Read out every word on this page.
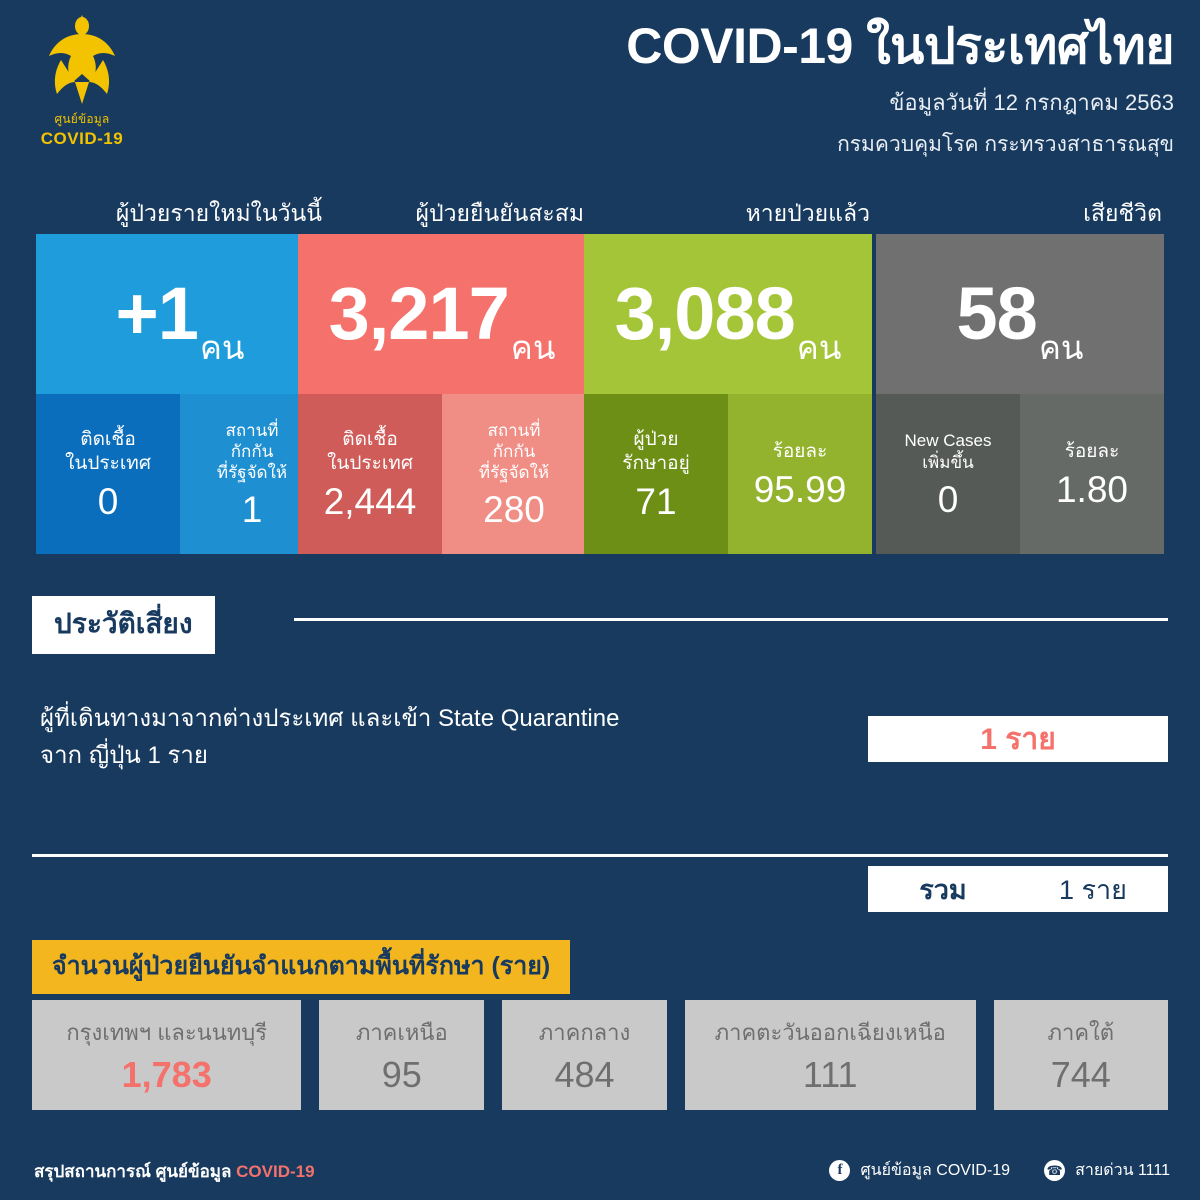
ศูนย์ข้อมูล
COVID-19
COVID-19 ในประเทศไทย
ข้อมูลวันที่ 12 กรกฎาคม 2563
กรมควบคุมโรค กระทรวงสาธารณสุข
ผู้ป่วยรายใหม่ในวันนี้
+1 คน
ติดเชื้อ
ในประเทศ
0
สถานที่
กักกัน
ที่รัฐจัดให้
1
ผู้ป่วยยืนยันสะสม
3,217 คน
ติดเชื้อ
ในประเทศ
2,444
สถานที่
กักกัน
ที่รัฐจัดให้
280
หายป่วยแล้ว
3,088 คน
ผู้ป่วย
รักษาอยู่
71
ร้อยละ
95.99
เสียชีวิต
58 คน
New Cases
เพิ่มขึ้น
0
ร้อยละ
1.80
ประวัติเสี่ยง
ผู้ที่เดินทางมาจากต่างประเทศ และเข้า State Quarantine
จาก ญี่ปุ่น 1 ราย
1 ราย
รวม	1 ราย
จำนวนผู้ป่วยยืนยันจำแนกตามพื้นที่รักษา (ราย)
กรุงเทพฯ และนนทบุรี
1,783
ภาคเหนือ
95
ภาคกลาง
484
ภาคตะวันออกเฉียงเหนือ
111
ภาคใต้
744
สรุปสถานการณ์ ศูนย์ข้อมูล COVID-19	f	ศูนย์ข้อมูล COVID-19	☎ สายด่วน 1111
